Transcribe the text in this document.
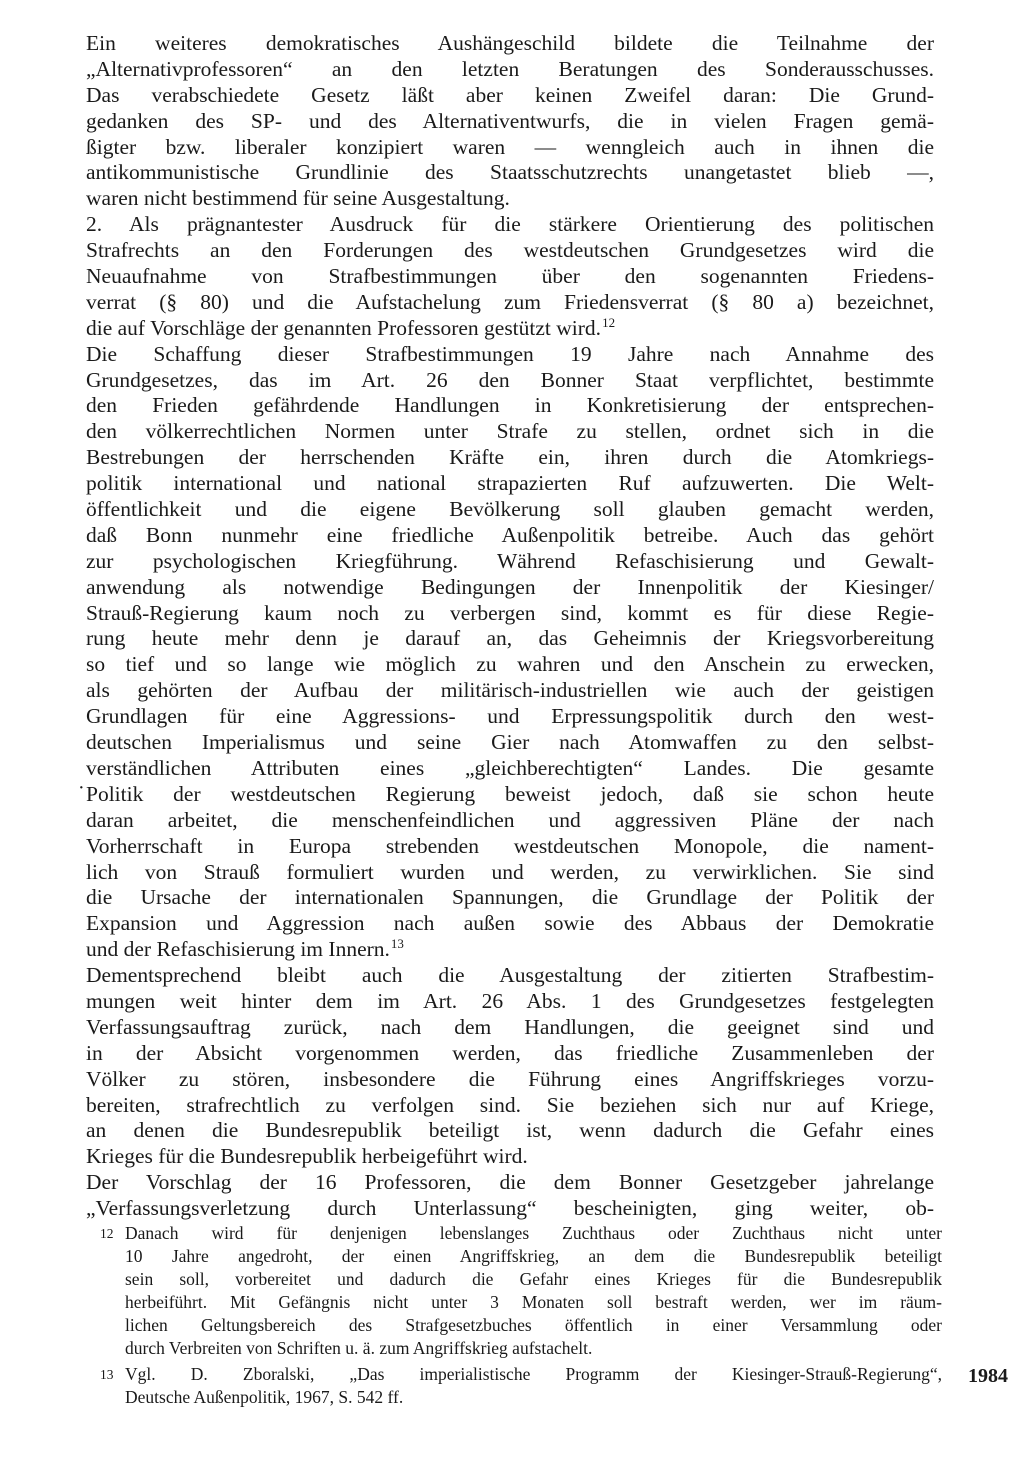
Ein weiteres demokratisches Aushängeschild bildete die Teilnahme der
„Alternativprofessoren“ an den letzten Beratungen des Sonderausschusses.
Das verabschiedete Gesetz läßt aber keinen Zweifel daran: Die Grund-
gedanken des SP- und des Alternativentwurfs, die in vielen Fragen gemä-
ßigter bzw. liberaler konzipiert waren — wenngleich auch in ihnen die
antikommunistische Grundlinie des Staatsschutzrechts unangetastet blieb —,
waren nicht bestimmend für seine Ausgestaltung.
2. Als prägnantester Ausdruck für die stärkere Orientierung des politischen
Strafrechts an den Forderungen des westdeutschen Grundgesetzes wird die
Neuaufnahme von Strafbestimmungen über den sogenannten Friedens-
verrat (§ 80) und die Aufstachelung zum Friedensverrat (§ 80 a) bezeichnet,
die auf Vorschläge der genannten Professoren gestützt wird.$^{12}$
Die Schaffung dieser Strafbestimmungen 19 Jahre nach Annahme des
Grundgesetzes, das im Art. 26 den Bonner Staat verpflichtet, bestimmte
den Frieden gefährdende Handlungen in Konkretisierung der entsprechen-
den völkerrechtlichen Normen unter Strafe zu stellen, ordnet sich in die
Bestrebungen der herrschenden Kräfte ein, ihren durch die Atomkriegs-
politik international und national strapazierten Ruf aufzuwerten. Die Welt-
öffentlichkeit und die eigene Bevölkerung soll glauben gemacht werden,
daß Bonn nunmehr eine friedliche Außenpolitik betreibe. Auch das gehört
zur psychologischen Kriegführung. Während Refaschisierung und Gewalt-
anwendung als notwendige Bedingungen der Innenpolitik der Kiesinger/
Strauß-Regierung kaum noch zu verbergen sind, kommt es für diese Regie-
rung heute mehr denn je darauf an, das Geheimnis der Kriegsvorbereitung
so tief und so lange wie möglich zu wahren und den Anschein zu erwecken,
als gehörten der Aufbau der militärisch-industriellen wie auch der geistigen
Grundlagen für eine Aggressions- und Erpressungspolitik durch den west-
deutschen Imperialismus und seine Gier nach Atomwaffen zu den selbst-
verständlichen Attributen eines „gleichberechtigten“ Landes. Die gesamte
Politik der westdeutschen Regierung beweist jedoch, daß sie schon heute
daran arbeitet, die menschenfeindlichen und aggressiven Pläne der nach
Vorherrschaft in Europa strebenden westdeutschen Monopole, die nament-
lich von Strauß formuliert wurden und werden, zu verwirklichen. Sie sind
die Ursache der internationalen Spannungen, die Grundlage der Politik der
Expansion und Aggression nach außen sowie des Abbaus der Demokratie
und der Refaschisierung im Innern.$^{13}$
Dementsprechend bleibt auch die Ausgestaltung der zitierten Strafbestim-
mungen weit hinter dem im Art. 26 Abs. 1 des Grundgesetzes festgelegten
Verfassungsauftrag zurück, nach dem Handlungen, die geeignet sind und
in der Absicht vorgenommen werden, das friedliche Zusammenleben der
Völker zu stören, insbesondere die Führung eines Angriffskrieges vorzu-
bereiten, strafrechtlich zu verfolgen sind. Sie beziehen sich nur auf Kriege,
an denen die Bundesrepublik beteiligt ist, wenn dadurch die Gefahr eines
Krieges für die Bundesrepublik herbeigeführt wird.
Der Vorschlag der 16 Professoren, die dem Bonner Gesetzgeber jahrelange
„Verfassungsverletzung durch Unterlassung“ bescheinigten, ging weiter, ob-
·
12 Danach wird für denjenigen lebenslanges Zuchthaus oder Zuchthaus nicht unter
10 Jahre angedroht, der einen Angriffskrieg, an dem die Bundesrepublik beteiligt
sein soll, vorbereitet und dadurch die Gefahr eines Krieges für die Bundesrepublik
herbeiführt. Mit Gefängnis nicht unter 3 Monaten soll bestraft werden, wer im räum-
lichen Geltungsbereich des Strafgesetzbuches öffentlich in einer Versammlung oder
durch Verbreiten von Schriften u. ä. zum Angriffskrieg aufstachelt.
13 Vgl. D. Zboralski, „Das imperialistische Programm der Kiesinger-Strauß-Regierung“,
Deutsche Außenpolitik, 1967, S. 542 ff.
1984
